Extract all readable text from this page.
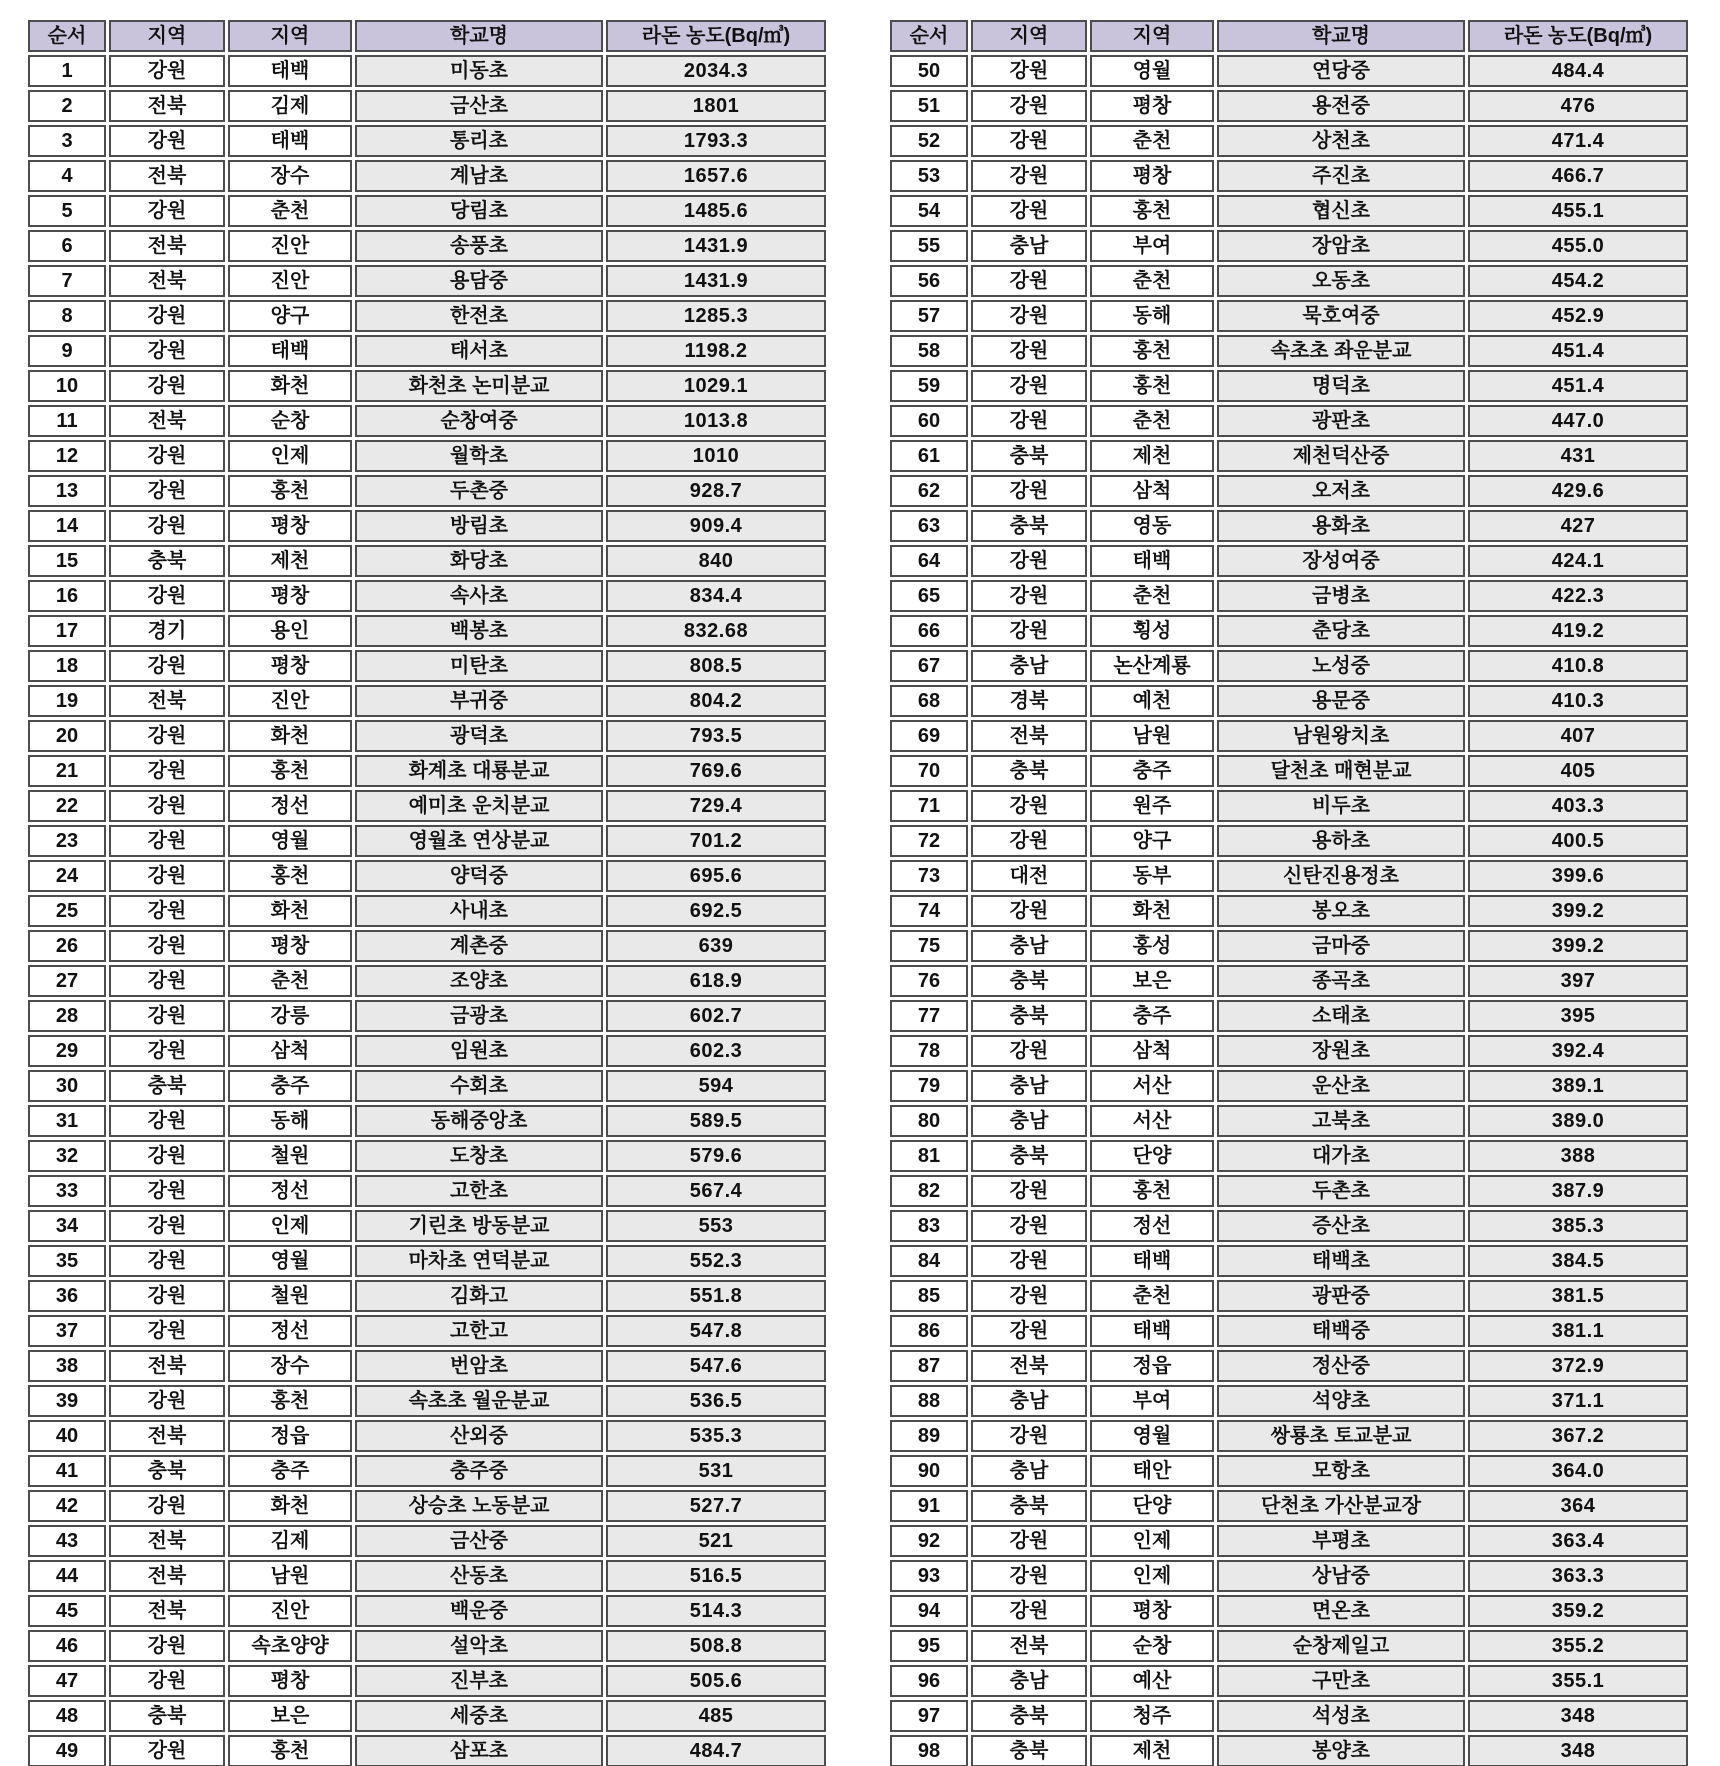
순서	지역	지역	학교명	라돈 농도(Bq/㎥)
1	강원	태백	미동초	2034.3
2	전북	김제	금산초	1801
3	강원	태백	통리초	1793.3
4	전북	장수	계남초	1657.6
5	강원	춘천	당림초	1485.6
6	전북	진안	송풍초	1431.9
7	전북	진안	용담중	1431.9
8	강원	양구	한전초	1285.3
9	강원	태백	태서초	1198.2
10	강원	화천	화천초 논미분교	1029.1
11	전북	순창	순창여중	1013.8
12	강원	인제	월학초	1010
13	강원	홍천	두촌중	928.7
14	강원	평창	방림초	909.4
15	충북	제천	화당초	840
16	강원	평창	속사초	834.4
17	경기	용인	백봉초	832.68
18	강원	평창	미탄초	808.5
19	전북	진안	부귀중	804.2
20	강원	화천	광덕초	793.5
21	강원	홍천	화계초 대룡분교	769.6
22	강원	정선	예미초 운치분교	729.4
23	강원	영월	영월초 연상분교	701.2
24	강원	홍천	양덕중	695.6
25	강원	화천	사내초	692.5
26	강원	평창	계촌중	639
27	강원	춘천	조양초	618.9
28	강원	강릉	금광초	602.7
29	강원	삼척	임원초	602.3
30	충북	충주	수회초	594
31	강원	동해	동해중앙초	589.5
32	강원	철원	도창초	579.6
33	강원	정선	고한초	567.4
34	강원	인제	기린초 방동분교	553
35	강원	영월	마차초 연덕분교	552.3
36	강원	철원	김화고	551.8
37	강원	정선	고한고	547.8
38	전북	장수	번암초	547.6
39	강원	홍천	속초초 월운분교	536.5
40	전북	정읍	산외중	535.3
41	충북	충주	충주중	531
42	강원	화천	상승초 노동분교	527.7
43	전북	김제	금산중	521
44	전북	남원	산동초	516.5
45	전북	진안	백운중	514.3
46	강원	속초양양	설악초	508.8
47	강원	평창	진부초	505.6
48	충북	보은	세중초	485
49	강원	홍천	삼포초	484.7
순서	지역	지역	학교명	라돈 농도(Bq/㎥)
50	강원	영월	연당중	484.4
51	강원	평창	용전중	476
52	강원	춘천	상천초	471.4
53	강원	평창	주진초	466.7
54	강원	홍천	협신초	455.1
55	충남	부여	장암초	455.0
56	강원	춘천	오동초	454.2
57	강원	동해	묵호여중	452.9
58	강원	홍천	속초초 좌운분교	451.4
59	강원	홍천	명덕초	451.4
60	강원	춘천	광판초	447.0
61	충북	제천	제천덕산중	431
62	강원	삼척	오저초	429.6
63	충북	영동	용화초	427
64	강원	태백	장성여중	424.1
65	강원	춘천	금병초	422.3
66	강원	횡성	춘당초	419.2
67	충남	논산계룡	노성중	410.8
68	경북	예천	용문중	410.3
69	전북	남원	남원왕치초	407
70	충북	충주	달천초 매현분교	405
71	강원	원주	비두초	403.3
72	강원	양구	용하초	400.5
73	대전	동부	신탄진용정초	399.6
74	강원	화천	봉오초	399.2
75	충남	홍성	금마중	399.2
76	충북	보은	종곡초	397
77	충북	충주	소태초	395
78	강원	삼척	장원초	392.4
79	충남	서산	운산초	389.1
80	충남	서산	고북초	389.0
81	충북	단양	대가초	388
82	강원	홍천	두촌초	387.9
83	강원	정선	증산초	385.3
84	강원	태백	태백초	384.5
85	강원	춘천	광판중	381.5
86	강원	태백	태백중	381.1
87	전북	정읍	정산중	372.9
88	충남	부여	석양초	371.1
89	강원	영월	쌍룡초 토교분교	367.2
90	충남	태안	모항초	364.0
91	충북	단양	단천초 가산분교장	364
92	강원	인제	부평초	363.4
93	강원	인제	상남중	363.3
94	강원	평창	면온초	359.2
95	전북	순창	순창제일고	355.2
96	충남	예산	구만초	355.1
97	충북	청주	석성초	348
98	충북	제천	봉양초	348
